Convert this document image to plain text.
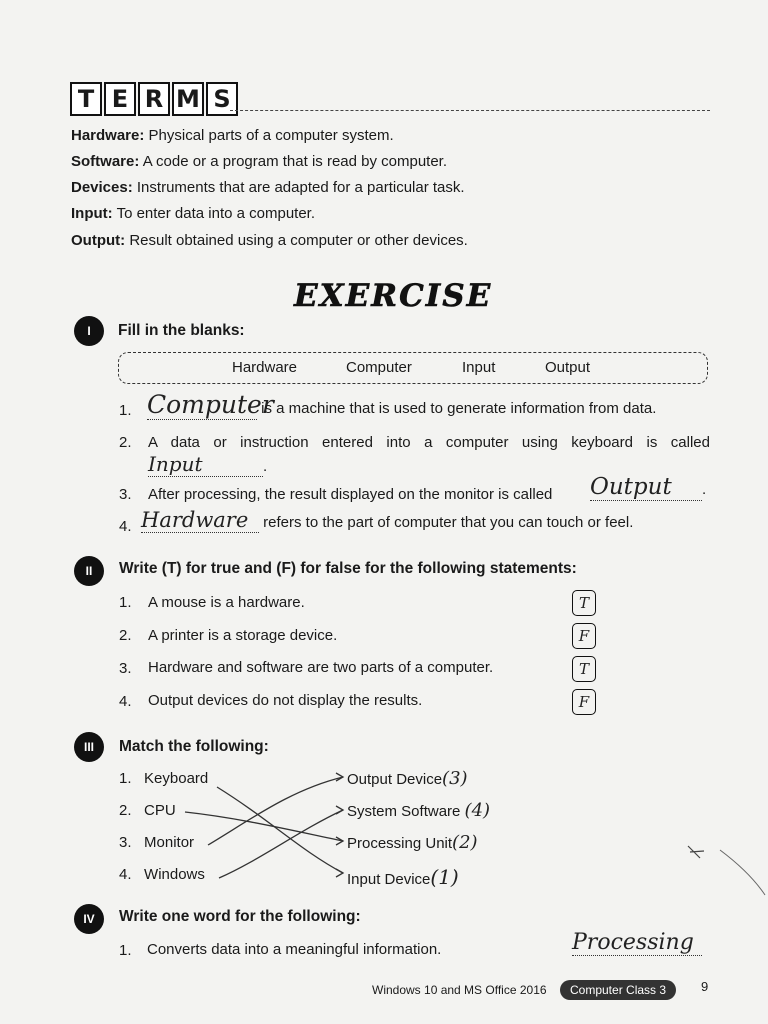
T E R M S
Hardware: Physical parts of a computer system.
Software: A code or a program that is read by computer.
Devices: Instruments that are adapted for a particular task.
Input: To enter data into a computer.
Output: Result obtained using a computer or other devices.
EXERCISE
I	Fill in the blanks:
Hardware	Computer	Input	Output
1. Computer is a machine that is used to generate information from data.
2. A data or instruction entered into a computer using keyboard is called
Input	.
3. After processing, the result displayed on the monitor is called Output .
4. Hardware refers to the part of computer that you can touch or feel.
II	Write (T) for true and (F) for false for the following statements:
1. A mouse is a hardware.	T
2. A printer is a storage device.	F
3. Hardware and software are two parts of a computer.	T
4. Output devices do not display the results.	F
III	Match the following:
1. Keyboard
2. CPU
3. Monitor
4. Windows
Output Device(3)
System Software (4)
Processing Unit(2)
Input Device(1)
IV	Write one word for the following:
1. Converts data into a meaningful information.	Processing
Windows 10 and MS Office 2016	Computer Class 3	9
